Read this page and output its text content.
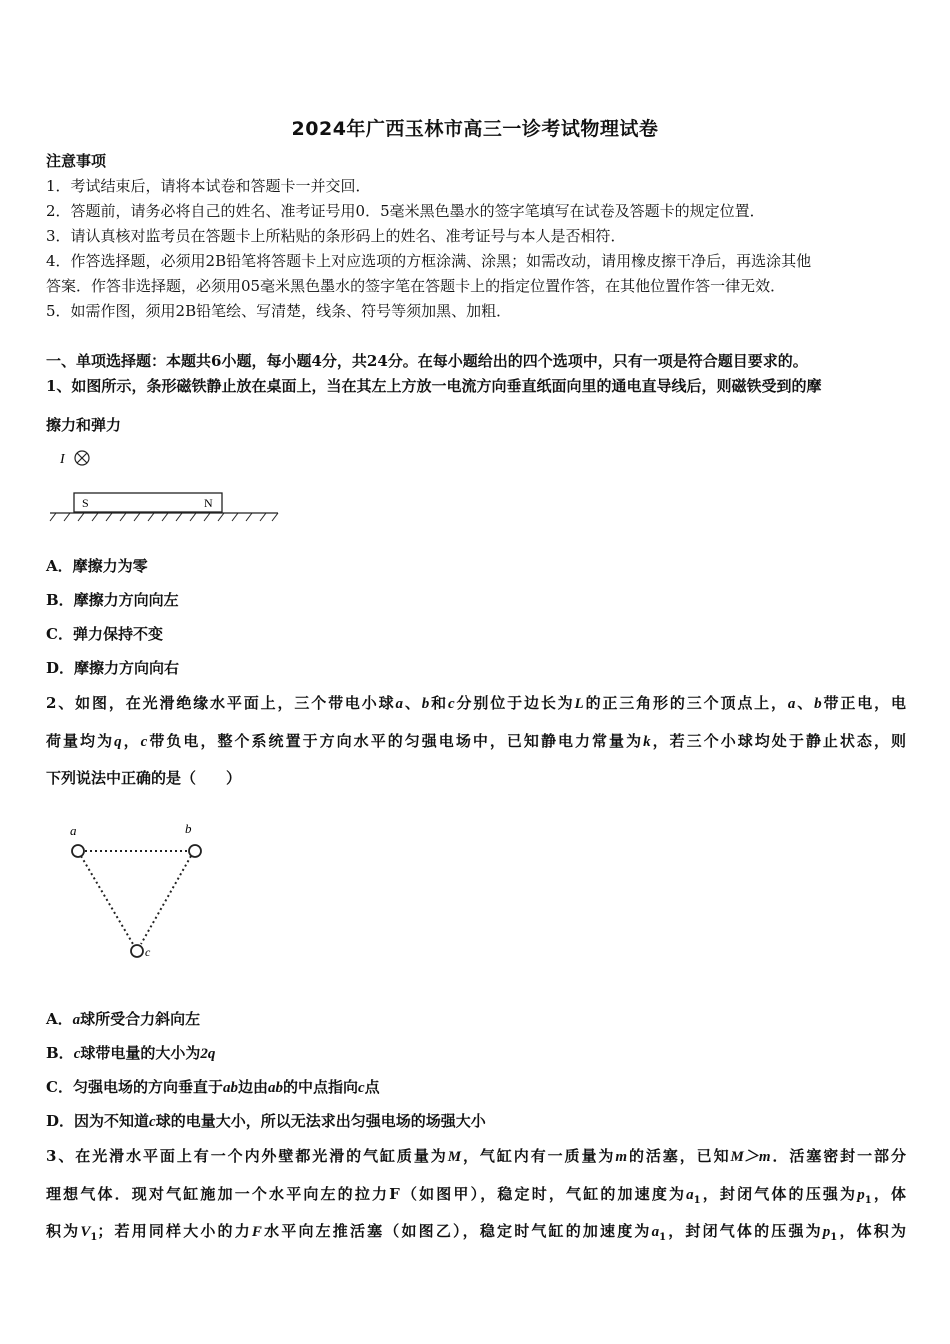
2024年广西玉林市高三一诊考试物理试卷
注意事项
1．考试结束后，请将本试卷和答题卡一并交回．
2．答题前，请务必将自己的姓名、准考证号用0．5毫米黑色墨水的签字笔填写在试卷及答题卡的规定位置．
3．请认真核对监考员在答题卡上所粘贴的条形码上的姓名、准考证号与本人是否相符．
4．作答选择题，必须用2B铅笔将答题卡上对应选项的方框涂满、涂黑；如需改动，请用橡皮擦干净后，再选涂其他
答案．作答非选择题，必须用05毫米黑色墨水的签字笔在答题卡上的指定位置作答，在其他位置作答一律无效．
5．如需作图，须用2B铅笔绘、写清楚，线条、符号等须加黑、加粗．
一、单项选择题：本题共6小题，每小题4分，共24分。在每小题给出的四个选项中，只有一项是符合题目要求的。
1、如图所示，条形磁铁静止放在桌面上，当在其左上方放一电流方向垂直纸面向里的通电直导线后，则磁铁受到的摩
擦力和弹力
I
S	N
A．摩擦力为零
B．摩擦力方向向左
C．弹力保持不变
D．摩擦力方向向右
2、如图，在光滑绝缘水平面上，三个带电小球a、b和c分别位于边长为L的正三角形的三个顶点上，a、b带正电，电
荷量均为q，c带负电，整个系统置于方向水平的匀强电场中，已知静电力常量为k，若三个小球均处于静止状态，则
下列说法中正确的是（　　）
a	b
c
A．a球所受合力斜向左
B．c球带电量的大小为2q
C．匀强电场的方向垂直于ab边由ab的中点指向c点
D．因为不知道c球的电量大小，所以无法求出匀强电场的场强大小
3、在光滑水平面上有一个内外壁都光滑的气缸质量为M，气缸内有一质量为m的活塞，已知M＞m．活塞密封一部分
理想气体．现对气缸施加一个水平向左的拉力F（如图甲），稳定时，气缸的加速度为$a_1$，封闭气体的压强为$p_1$，体
积为$V_1$；若用同样大小的力F水平向左推活塞（如图乙），稳定时气缸的加速度为$a_1$，封闭气体的压强为$p_1$，体积为
